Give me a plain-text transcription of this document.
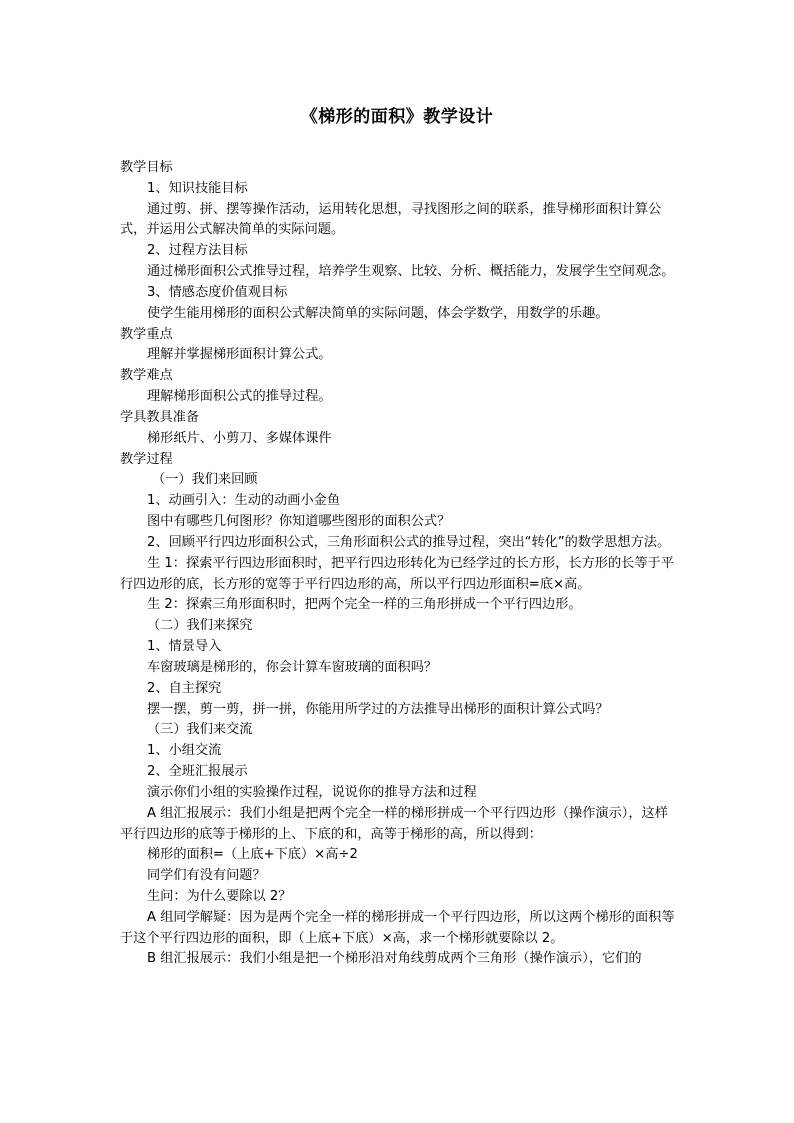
《梯形的面积》教学设计

教学目标

1、知识技能目标

通过剪、拼、摆等操作活动，运用转化思想，寻找图形之间的联系，推导梯形面积计算公式，并运用公式解决简单的实际问题。

2、过程方法目标

通过梯形面积公式推导过程，培养学生观察、比较、分析、概括能力，发展学生空间观念。

3、情感态度价值观目标

使学生能用梯形的面积公式解决简单的实际问题，体会学数学，用数学的乐趣。

教学重点

理解并掌握梯形面积计算公式。

教学难点

理解梯形面积公式的推导过程。

学具教具准备

梯形纸片、小剪刀、多媒体课件

教学过程

（一）我们来回顾

1、动画引入：生动的动画小金鱼

图中有哪些几何图形？你知道哪些图形的面积公式？

2、回顾平行四边形面积公式，三角形面积公式的推导过程，突出“转化”的数学思想方法。

生 1：探索平行四边形面积时，把平行四边形转化为已经学过的长方形，长方形的长等于平行四边形的底，长方形的宽等于平行四边形的高，所以平行四边形面积=底×高。

生 2：探索三角形面积时，把两个完全一样的三角形拼成一个平行四边形。

（二）我们来探究

1、情景导入

车窗玻璃是梯形的，你会计算车窗玻璃的面积吗？

2、自主探究

摆一摆，剪一剪，拼一拼，你能用所学过的方法推导出梯形的面积计算公式吗？

（三）我们来交流

1、小组交流

2、全班汇报展示

演示你们小组的实验操作过程，说说你的推导方法和过程

A 组汇报展示：我们小组是把两个完全一样的梯形拼成一个平行四边形（操作演示），这样平行四边形的底等于梯形的上、下底的和，高等于梯形的高，所以得到：

梯形的面积=（上底+下底）×高÷2

同学们有没有问题？

生问：为什么要除以 2？

A 组同学解疑：因为是两个完全一样的梯形拼成一个平行四边形，所以这两个梯形的面积等于这个平行四边形的面积，即（上底+下底）×高，求一个梯形就要除以 2。

B 组汇报展示：我们小组是把一个梯形沿对角线剪成两个三角形（操作演示），它们的
